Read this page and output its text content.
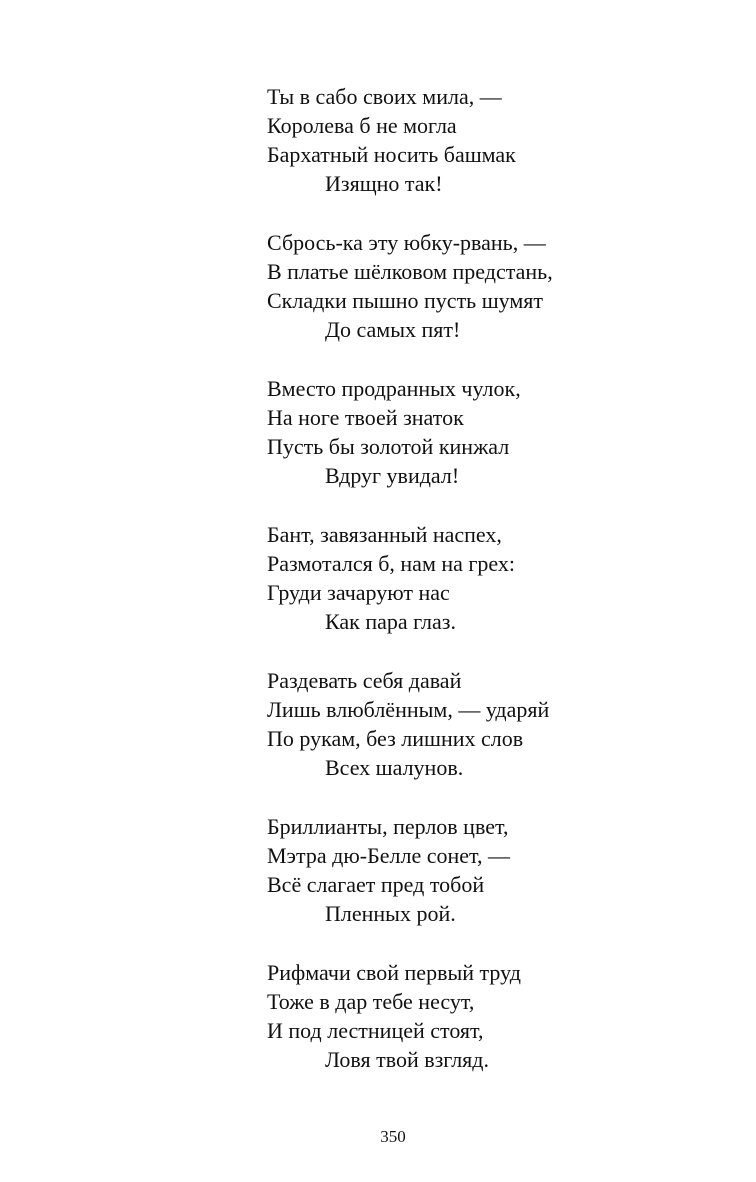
Ты в сабо своих мила, —
Королева б не могла
Бархатный носить башмак
Изящно так!
Сбрось-ка эту юбку-рвань, —
В платье шёлковом предстань,
Складки пышно пусть шумят
До самых пят!
Вместо продранных чулок,
На ноге твоей знаток
Пусть бы золотой кинжал
Вдруг увидал!
Бант, завязанный наспех,
Размотался б, нам на грех:
Груди зачаруют нас
Как пара глаз.
Раздевать себя давай
Лишь влюблённым, — ударяй
По рукам, без лишних слов
Всех шалунов.
Бриллианты, перлов цвет,
Мэтра дю-Белле сонет, —
Всё слагает пред тобой
Пленных рой.
Рифмачи свой первый труд
Тоже в дар тебе несут,
И под лестницей стоят,
Ловя твой взгляд.
350
